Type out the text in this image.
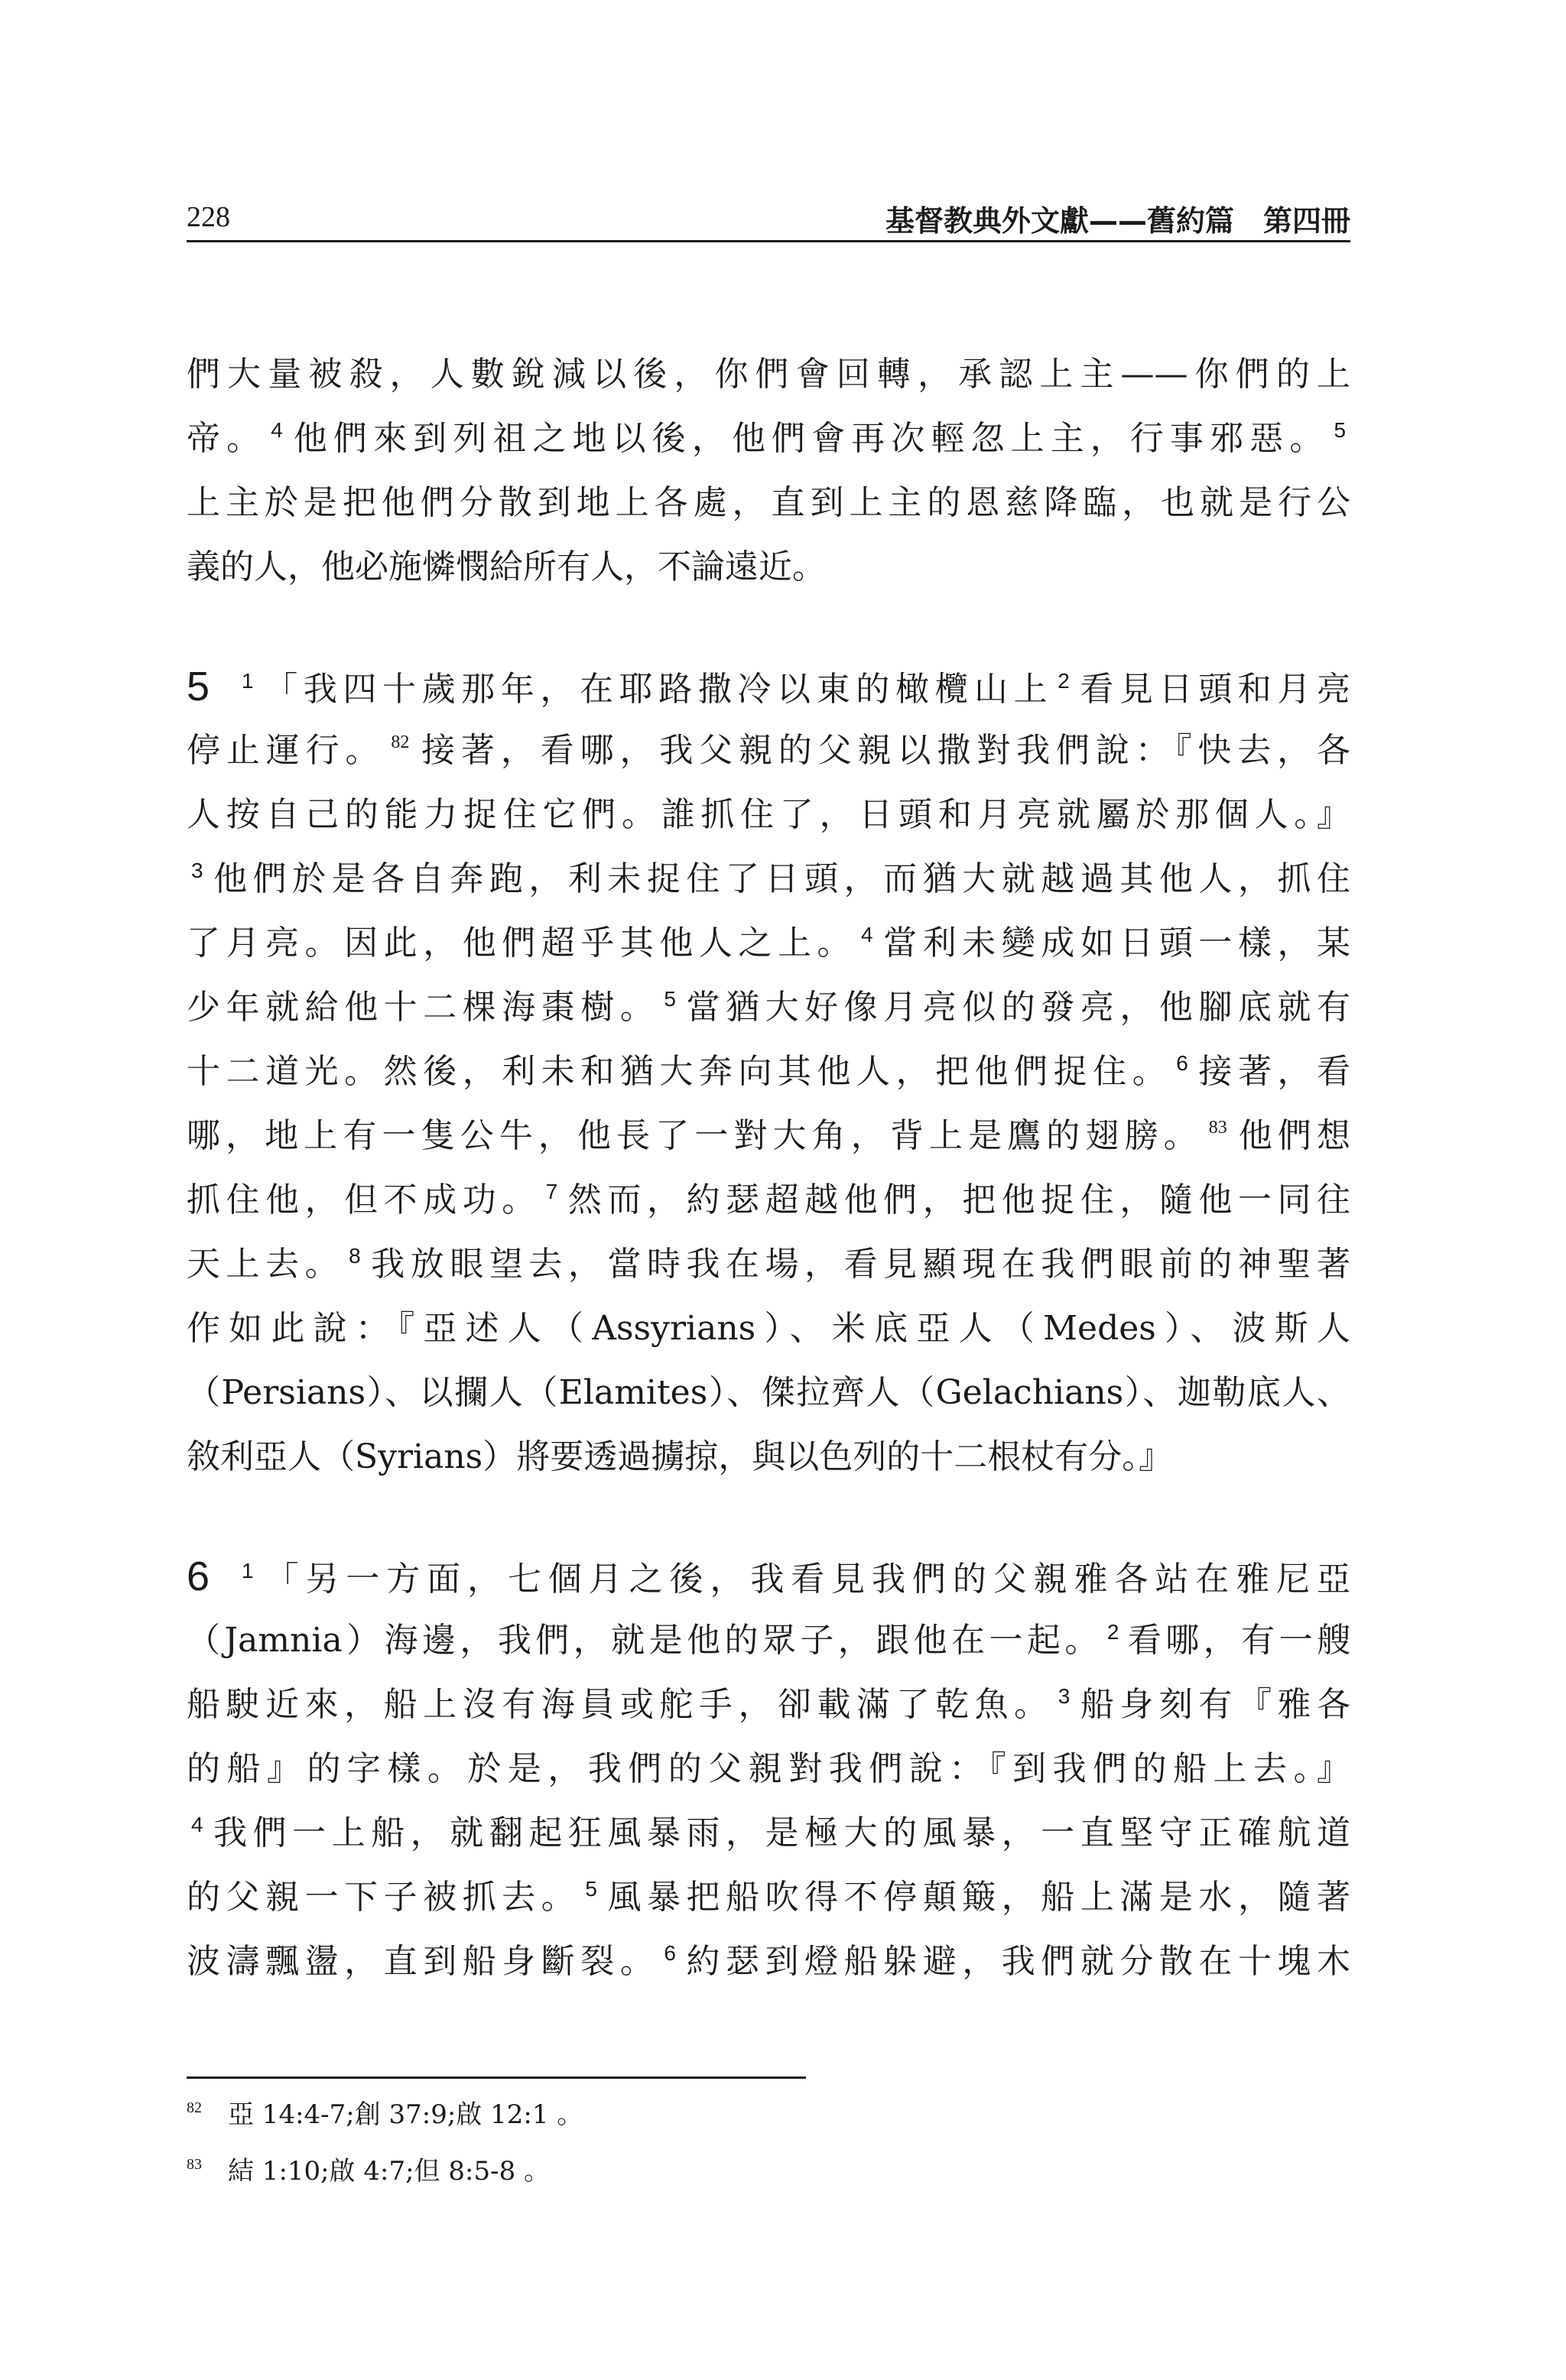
228	基督教典外文獻——舊約篇　第四冊
們大量被殺，人數銳減以後，你們會回轉，承認上主——你們的上
帝。 $^4$ 他們來到列祖之地以後，他們會再次輕忽上主，行事邪惡。 $^5$
上主於是把他們分散到地上各處，直到上主的恩慈降臨，也就是行公
義的人，他必施憐憫給所有人，不論遠近。
5 $^1$ 「我四十歲那年，在耶路撒冷以東的橄欖山上 $^2$ 看見日頭和月亮
停止運行。 $^{82}$ 接著，看哪，我父親的父親以撒對我們說：『快去，各
人按自己的能力捉住它們。誰抓住了，日頭和月亮就屬於那個人。』
$^3$ 他們於是各自奔跑，利未捉住了日頭，而猶大就越過其他人，抓住
了月亮。因此，他們超乎其他人之上。 $^4$ 當利未變成如日頭一樣，某
少年就給他十二棵海棗樹。 $^5$ 當猶大好像月亮似的發亮，他腳底就有
十二道光。然後，利未和猶大奔向其他人，把他們捉住。 $^6$ 接著，看
哪，地上有一隻公牛，他長了一對大角，背上是鷹的翅膀。 $^{83}$ 他們想
抓住他，但不成功。 $^7$ 然而，約瑟超越他們，把他捉住，隨他一同往
天上去。 $^8$ 我放眼望去，當時我在場，看見顯現在我們眼前的神聖著
作如此說：『亞述人（Assyrians）、米底亞人（Medes）、波斯人
（Persians）、以攔人（Elamites）、傑拉齊人（Gelachians）、迦勒底人、
敘利亞人（Syrians）將要透過擄掠，與以色列的十二根杖有分。』
6 $^1$ 「另一方面，七個月之後，我看見我們的父親雅各站在雅尼亞
（Jamnia）海邊，我們，就是他的眾子，跟他在一起。 $^2$ 看哪，有一艘
船駛近來，船上沒有海員或舵手，卻載滿了乾魚。 $^3$ 船身刻有『雅各
的船』的字樣。於是，我們的父親對我們說：『到我們的船上去。』
$^4$ 我們一上船，就翻起狂風暴雨，是極大的風暴，一直堅守正確航道
的父親一下子被抓去。 $^5$ 風暴把船吹得不停顛簸，船上滿是水，隨著
波濤飄盪，直到船身斷裂。 $^6$ 約瑟到燈船躲避，我們就分散在十塊木
$^{82}$ 亞 14:4-7;創 37:9;啟 12:1 。
$^{83}$ 結 1:10;啟 4:7;但 8:5-8 。
